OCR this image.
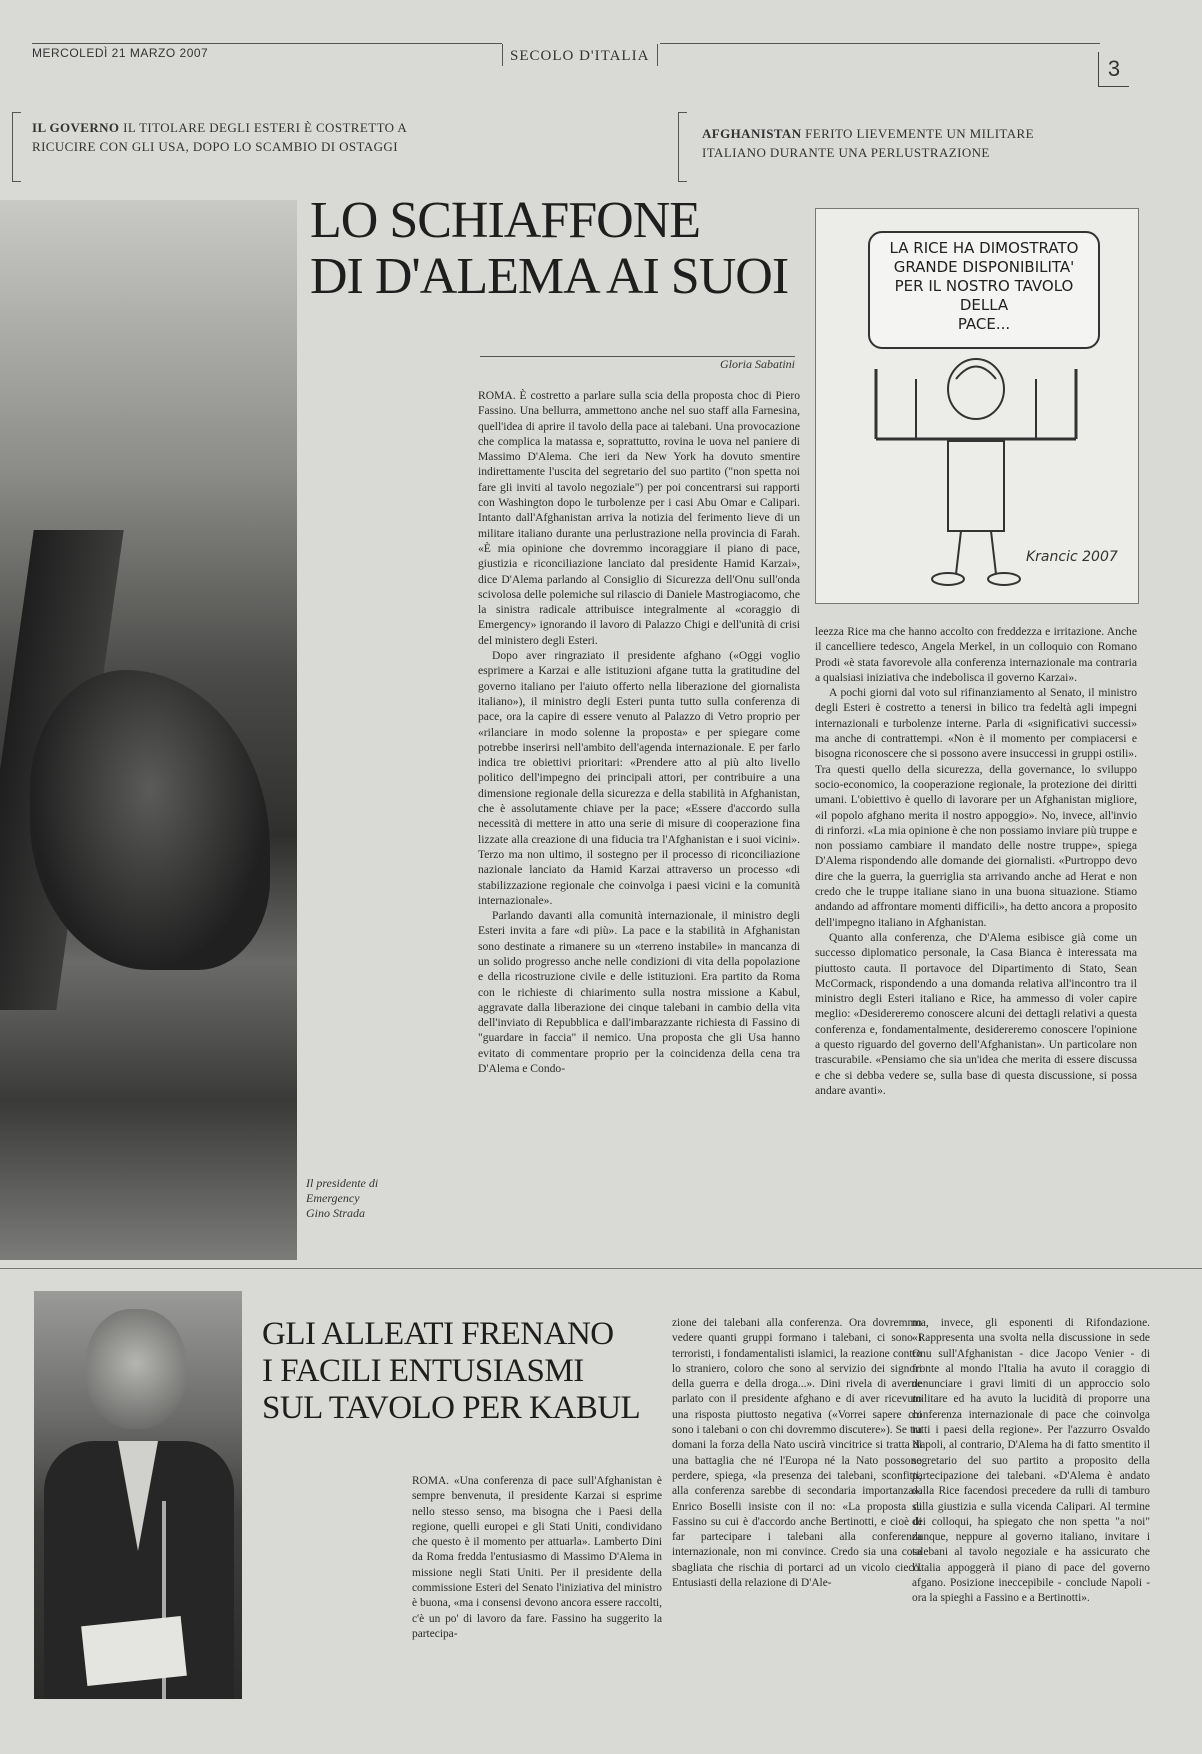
MERCOLEDÌ 21 MARZO 2007	SECOLO D'ITALIA	3
IL GOVERNO IL TITOLARE DEGLI ESTERI È COSTRETTO A RICUCIRE CON GLI USA, DOPO LO SCAMBIO DI OSTAGGI
AFGHANISTAN FERITO LIEVEMENTE UN MILITARE ITALIANO DURANTE UNA PERLUSTRAZIONE
Il presidente di Emergency Gino Strada
LO SCHIAFFONE
DI D'ALEMA AI SUOI
Gloria Sabatini
LA RICE HA DIMOSTRATO
GRANDE DISPONIBILITA'
PER IL NOSTRO TAVOLO DELLA
PACE...
Krancic 2007

ROMA. È costretto a parlare sulla scia della proposta choc di Piero Fassino. Una bellurra, ammettono anche nel suo staff alla Farnesina, quell'idea di aprire il tavolo della pace ai talebani. Una provocazione che complica la matassa e, soprattutto, rovina le uova nel paniere di Massimo D'Alema. Che ieri da New York ha dovuto smentire indirettamente l'uscita del segretario del suo partito ("non spetta noi fare gli inviti al tavolo negoziale") per poi concentrarsi sui rapporti con Washington dopo le turbolenze per i casi Abu Omar e Calipari. Intanto dall'Afghanistan arriva la notizia del ferimento lieve di un militare italiano durante una perlustrazione nella provincia di Farah. «È mia opinione che dovremmo incoraggiare il piano di pace, giustizia e riconciliazione lanciato dal presidente Hamid Karzai», dice D'Alema parlando al Consiglio di Sicurezza dell'Onu sull'onda scivolosa delle polemiche sul rilascio di Daniele Mastrogiacomo, che la sinistra radicale attribuisce integralmente al «coraggio di Emergency» ignorando il lavoro di Palazzo Chigi e dell'unità di crisi del ministero degli Esteri.

Dopo aver ringraziato il presidente afghano («Oggi voglio esprimere a Karzai e alle istituzioni afgane tutta la gratitudine del governo italiano per l'aiuto offerto nella liberazione del giornalista italiano»), il ministro degli Esteri punta tutto sulla conferenza di pace, ora la capire di essere venuto al Palazzo di Vetro proprio per «rilanciare in modo solenne la proposta» e per spiegare come potrebbe inserirsi nell'ambito dell'agenda internazionale. E per farlo indica tre obiettivi prioritari: «Prendere atto al più alto livello politico dell'impegno dei principali attori, per contribuire a una dimensione regionale della sicurezza e della stabilità in Afghanistan, che è assolutamente chiave per la pace; «Essere d'accordo sulla necessità di mettere in atto una serie di misure di cooperazione fina lizzate alla creazione di una fiducia tra l'Afghanistan e i suoi vicini». Terzo ma non ultimo, il sostegno per il processo di riconciliazione nazionale lanciato da Hamid Karzai attraverso un processo «di stabilizzazione regionale che coinvolga i paesi vicini e la comunità internazionale».

Parlando davanti alla comunità internazionale, il ministro degli Esteri invita a fare «di più». La pace e la stabilità in Afghanistan sono destinate a rimanere su un «terreno instabile» in mancanza di un solido progresso anche nelle condizioni di vita della popolazione e della ricostruzione civile e delle istituzioni. Era partito da Roma con le richieste di chiarimento sulla nostra missione a Kabul, aggravate dalla liberazione dei cinque talebani in cambio della vita dell'inviato di Repubblica e dall'imbarazzante richiesta di Fassino di "guardare in faccia" il nemico. Una proposta che gli Usa hanno evitato di commentare proprio per la coincidenza della cena tra D'Alema e Condo-

leezza Rice ma che hanno accolto con freddezza e irritazione. Anche il cancelliere tedesco, Angela Merkel, in un colloquio con Romano Prodi «è stata favorevole alla conferenza internazionale ma contraria a qualsiasi iniziativa che indebolisca il governo Karzai».

A pochi giorni dal voto sul rifinanziamento al Senato, il ministro degli Esteri è costretto a tenersi in bilico tra fedeltà agli impegni internazionali e turbolenze interne. Parla di «significativi successi» ma anche di contrattempi. «Non è il momento per compiacersi e bisogna riconoscere che si possono avere insuccessi in gruppi ostili». Tra questi quello della sicurezza, della governance, lo sviluppo socio-economico, la cooperazione regionale, la protezione dei diritti umani. L'obiettivo è quello di lavorare per un Afghanistan migliore, «il popolo afghano merita il nostro appoggio». No, invece, all'invio di rinforzi. «La mia opinione è che non possiamo inviare più truppe e non possiamo cambiare il mandato delle nostre truppe», spiega D'Alema rispondendo alle domande dei giornalisti. «Purtroppo devo dire che la guerra, la guerriglia sta arrivando anche ad Herat e non credo che le truppe italiane siano in una buona situazione. Stiamo andando ad affrontare momenti difficili», ha detto ancora a proposito dell'impegno italiano in Afghanistan.

Quanto alla conferenza, che D'Alema esibisce già come un successo diplomatico personale, la Casa Bianca è interessata ma piuttosto cauta. Il portavoce del Dipartimento di Stato, Sean McCormack, rispondendo a una domanda relativa all'incontro tra il ministro degli Esteri italiano e Rice, ha ammesso di voler capire meglio: «Desidereremo conoscere alcuni dei dettagli relativi a questa conferenza e, fondamentalmente, desidereremo conoscere l'opinione a questo riguardo del governo dell'Afghanistan». Un particolare non trascurabile. «Pensiamo che sia un'idea che merita di essere discussa e che si debba vedere se, sulla base di questa discussione, si possa andare avanti».

GLI ALLEATI FRENANO
I FACILI ENTUSIASMI
SUL TAVOLO PER KABUL
ROMA. «Una conferenza di pace sull'Afghanistan è sempre benvenuta, il presidente Karzai si esprime nello stesso senso, ma bisogna che i Paesi della regione, quelli europei e gli Stati Uniti, condividano che questo è il momento per attuarla». Lamberto Dini da Roma fredda l'entusiasmo di Massimo D'Alema in missione negli Stati Uniti. Per il presidente della commissione Esteri del Senato l'iniziativa del ministro è buona, «ma i consensi devono ancora essere raccolti, c'è un po' di lavoro da fare. Fassino ha suggerito la partecipa-
zione dei talebani alla conferenza. Ora dovremmo vedere quanti gruppi formano i talebani, ci sono i terroristi, i fondamentalisti islamici, la reazione contro lo straniero, coloro che sono al servizio dei signori della guerra e della droga...». Dini rivela di averne parlato con il presidente afghano e di aver ricevuto una risposta piuttosto negativa («Vorrei sapere chi sono i talebani o con chi dovremmo discutere»). Se tra domani la forza della Nato uscirà vincitrice si tratta di una battaglia che né l'Europa né la Nato possono perdere, spiega, «la presenza dei talebani, sconfitti, alla conferenza sarebbe di secondaria importanza». Enrico Boselli insiste con il no: «La proposta di Fassino su cui è d'accordo anche Bertinotti, e cioè di far partecipare i talebani alla conferenza internazionale, non mi convince. Credo sia una cosa sbagliata che rischia di portarci ad un vicolo cieco. Entusiasti della relazione di D'Ale-
ma, invece, gli esponenti di Rifondazione. «Rappresenta una svolta nella discussione in sede Onu sull'Afghanistan - dice Jacopo Venier - di fronte al mondo l'Italia ha avuto il coraggio di denunciare i gravi limiti di un approccio solo militare ed ha avuto la lucidità di proporre una conferenza internazionale di pace che coinvolga tutti i paesi della regione». Per l'azzurro Osvaldo Napoli, al contrario, D'Alema ha di fatto smentito il segretario del suo partito a proposito della partecipazione dei talebani. «D'Alema è andato dalla Rice facendosi precedere da rulli di tamburo sulla giustizia e sulla vicenda Calipari. Al termine dei colloqui, ha spiegato che non spetta "a noi" dunque, neppure al governo italiano, invitare i talebani al tavolo negoziale e ha assicurato che l'Italia appoggerà il piano di pace del governo afgano. Posizione ineccepibile - conclude Napoli - ora la spieghi a Fassino e a Bertinotti».
